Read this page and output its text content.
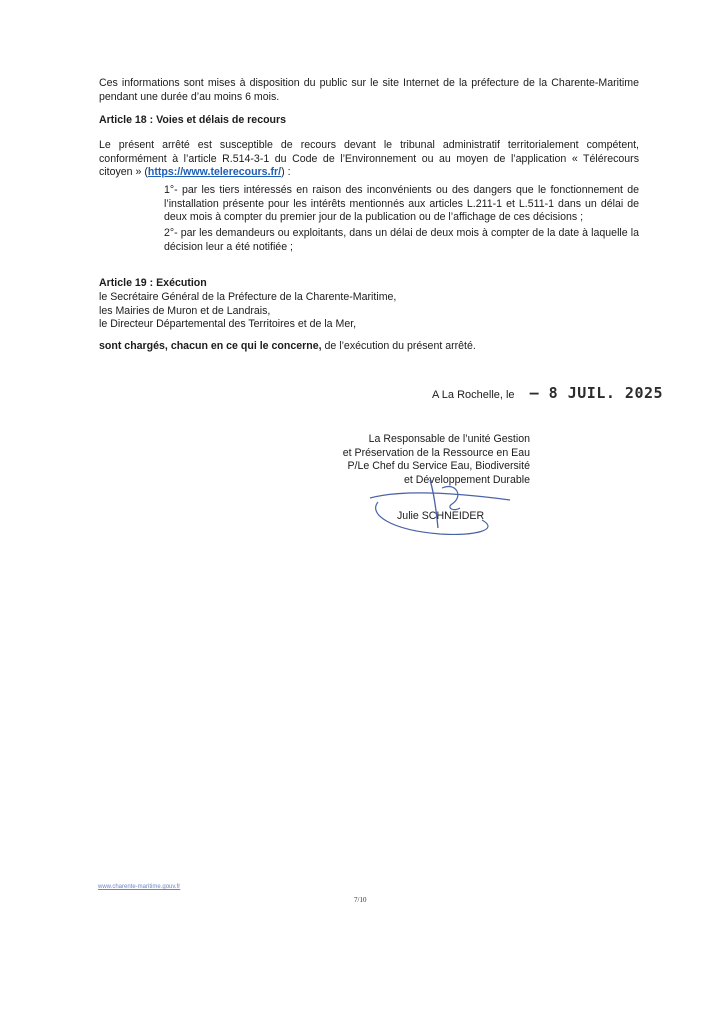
Ces informations sont mises à disposition du public sur le site Internet de la préfecture de la Charente-Maritime pendant une durée d’au moins 6 mois.

Article 18 : Voies et délais de recours

Le présent arrêté est susceptible de recours devant le tribunal administratif territorialement compétent, conformément à l’article R.514-3-1 du Code de l’Environnement ou au moyen de l’application « Télérecours citoyen » (https://www.telerecours.fr/) :

1°- par les tiers intéressés en raison des inconvénients ou des dangers que le fonctionnement de l’installation présente pour les intérêts mentionnés aux articles L.211-1 et L.511-1 dans un délai de deux mois à compter du premier jour de la publication ou de l’affichage de ces décisions ;

2°- par les demandeurs ou exploitants, dans un délai de deux mois à compter de la date à laquelle la décision leur a été notifiée ;

Article 19 : Exécution

le Secrétaire Général de la Préfecture de la Charente-Maritime,

les Mairies de Muron et de Landrais,

le Directeur Départemental des Territoires et de la Mer,

sont chargés, chacun en ce qui le concerne, de l’exécution du présent arrêté.

A La Rochelle, le – 8 JUIL. 2025
La Responsable de l’unité Gestion
et Préservation de la Ressource en Eau
P/Le Chef du Service Eau, Biodiversité
et Développement Durable
Julie SCHNEIDER
www.charente-maritime.gouv.fr
7/10
